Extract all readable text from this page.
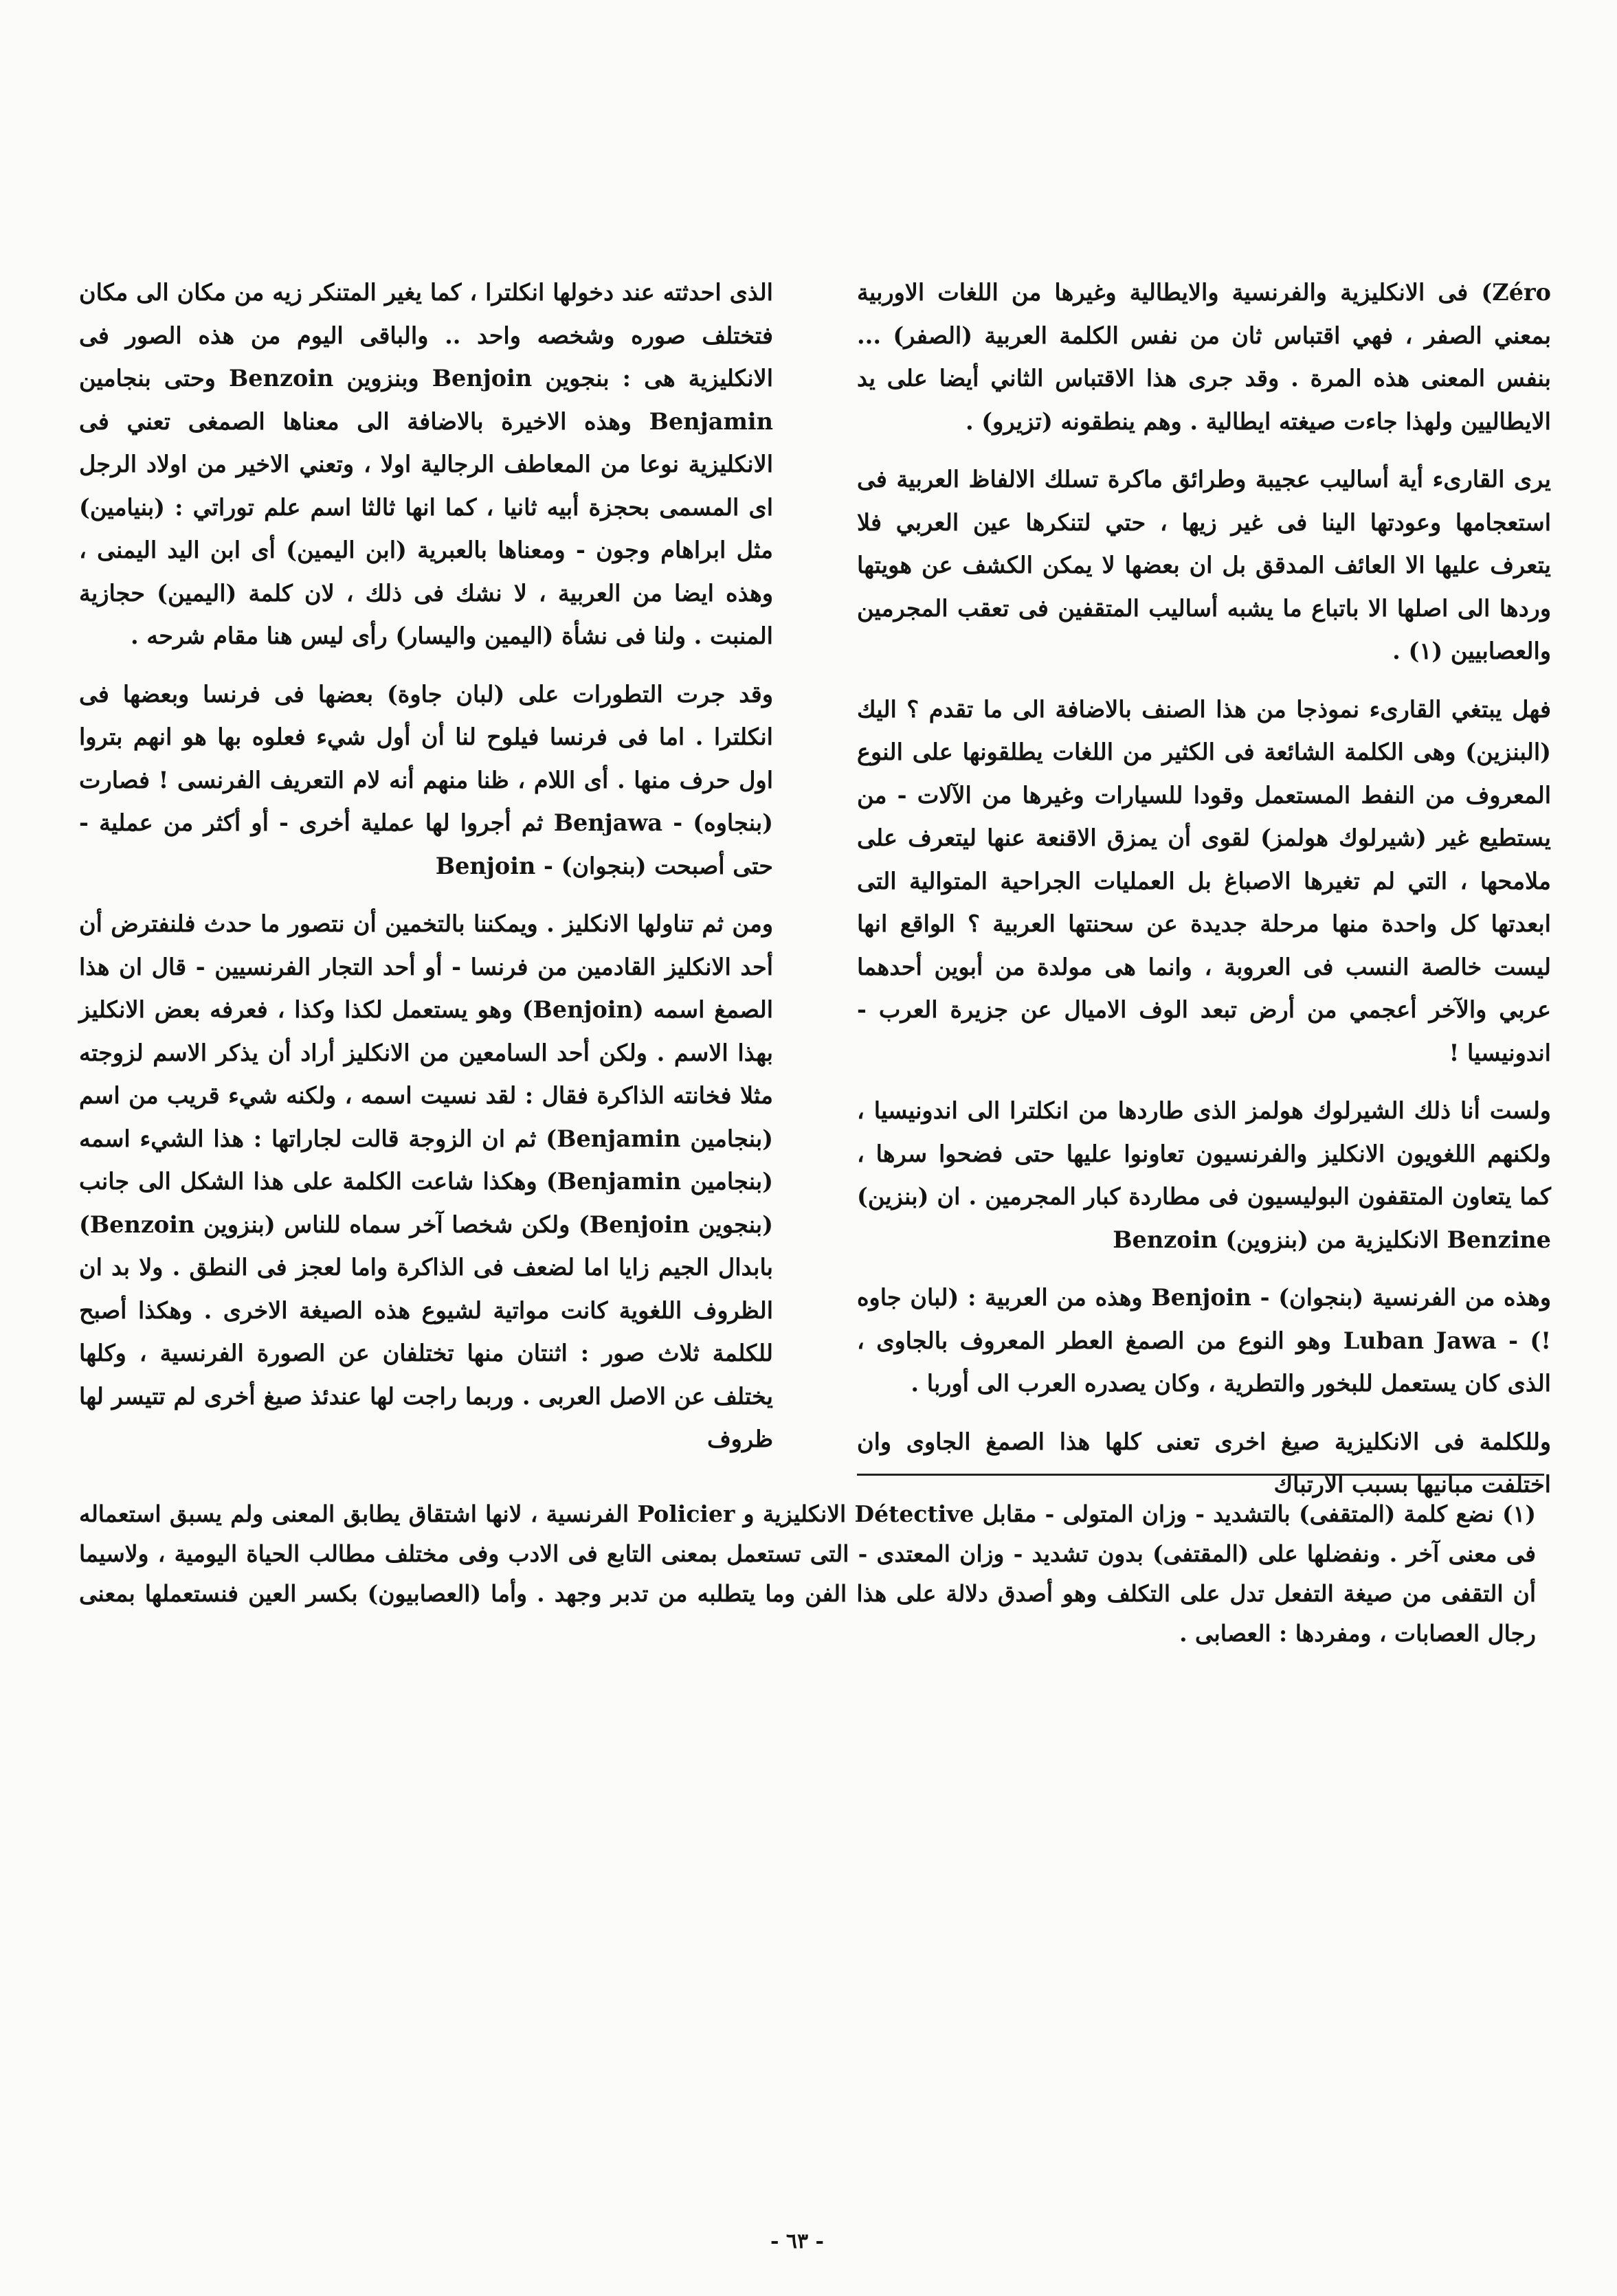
Zéro) فى الانكليزية والفرنسية والايطالية وغيرها من اللغات الاوربية بمعني الصفر ، فهي اقتباس ثان من نفس الكلمة العربية (الصفر) ... بنفس المعنى هذه المرة . وقد جرى هذا الاقتباس الثاني أيضا على يد الايطاليين ولهذا جاءت صيغته ايطالية . وهم ينطقونه (تزيرو) .

يرى القارىء أية أساليب عجيبة وطرائق ماكرة تسلك الالفاظ العربية فى استعجامها وعودتها الينا فى غير زيها ، حتي لتنكرها عين العربي فلا يتعرف عليها الا العائف المدقق بل ان بعضها لا يمكن الكشف عن هويتها وردها الى اصلها الا باتباع ما يشبه أساليب المتقفين فى تعقب المجرمين والعصابيين (١) .

فهل يبتغي القارىء نموذجا من هذا الصنف بالاضافة الى ما تقدم ؟ اليك (البنزين) وهى الكلمة الشائعة فى الكثير من اللغات يطلقونها على النوع المعروف من النفط المستعمل وقودا للسيارات وغيرها من الآلات - من يستطيع غير (شيرلوك هولمز) لقوى أن يمزق الاقنعة عنها ليتعرف على ملامحها ، التي لم تغيرها الاصباغ بل العمليات الجراحية المتوالية التى ابعدتها كل واحدة منها مرحلة جديدة عن سحنتها العربية ؟ الواقع انها ليست خالصة النسب فى العروبة ، وانما هى مولدة من أبوين أحدهما عربي والآخر أعجمي من أرض تبعد الوف الاميال عن جزيرة العرب - اندونيسيا !

ولست أنا ذلك الشيرلوك هولمز الذى طاردها من انكلترا الى اندونيسيا ، ولكنهم اللغويون الانكليز والفرنسيون تعاونوا عليها حتى فضحوا سرها ، كما يتعاون المتقفون البوليسيون فى مطاردة كبار المجرمين . ان (بنزين) Benzine الانكليزية من (بنزوين) Benzoin

وهذه من الفرنسية (بنجوان) - Benjoin وهذه من العربية : (لبان جاوه !) - Luban Jawa وهو النوع من الصمغ العطر المعروف بالجاوى ، الذى كان يستعمل للبخور والتطرية ، وكان يصدره العرب الى أوربا .

وللكلمة فى الانكليزية صيغ اخرى تعنى كلها هذا الصمغ الجاوى وان اختلفت مبانيها بسبب الارتباك

الذى احدثته عند دخولها انكلترا ، كما يغير المتنكر زيه من مكان الى مكان فتختلف صوره وشخصه واحد .. والباقى اليوم من هذه الصور فى الانكليزية هى : بنجوين Benjoin وبنزوين Benzoin وحتى بنجامين Benjamin وهذه الاخيرة بالاضافة الى معناها الصمغى تعني فى الانكليزية نوعا من المعاطف الرجالية اولا ، وتعني الاخير من اولاد الرجل اى المسمى بحجزة أبيه ثانيا ، كما انها ثالثا اسم علم توراتي : (بنيامين) مثل ابراهام وجون - ومعناها بالعبرية (ابن اليمين) أى ابن اليد اليمنى ، وهذه ايضا من العربية ، لا نشك فى ذلك ، لان كلمة (اليمين) حجازية المنبت . ولنا فى نشأة (اليمين واليسار) رأى ليس هنا مقام شرحه .

وقد جرت التطورات على (لبان جاوة) بعضها فى فرنسا وبعضها فى انكلترا . اما فى فرنسا فيلوح لنا أن أول شيء فعلوه بها هو انهم بتروا اول حرف منها . أى اللام ، ظنا منهم أنه لام التعريف الفرنسى ! فصارت (بنجاوه) - Benjawa ثم أجروا لها عملية أخرى - أو أكثر من عملية - حتى أصبحت (بنجوان) - Benjoin

ومن ثم تناولها الانكليز . ويمكننا بالتخمين أن نتصور ما حدث فلنفترض أن أحد الانكليز القادمين من فرنسا - أو أحد التجار الفرنسيين - قال ان هذا الصمغ اسمه (Benjoin) وهو يستعمل لكذا وكذا ، فعرفه بعض الانكليز بهذا الاسم . ولكن أحد السامعين من الانكليز أراد أن يذكر الاسم لزوجته مثلا فخانته الذاكرة فقال : لقد نسيت اسمه ، ولكنه شيء قريب من اسم (بنجامين Benjamin) ثم ان الزوجة قالت لجاراتها : هذا الشيء اسمه (بنجامين Benjamin) وهكذا شاعت الكلمة على هذا الشكل الى جانب (بنجوين Benjoin) ولكن شخصا آخر سماه للناس (بنزوين Benzoin) بابدال الجيم زايا اما لضعف فى الذاكرة واما لعجز فى النطق . ولا بد ان الظروف اللغوية كانت مواتية لشيوع هذه الصيغة الاخرى . وهكذا أصبح للكلمة ثلاث صور : اثنتان منها تختلفان عن الصورة الفرنسية ، وكلها يختلف عن الاصل العربى . وربما راجت لها عندئذ صيغ أخرى لم تتيسر لها ظروف

(١) نضع كلمة (المتقفى) بالتشديد - وزان المتولى - مقابل Détective الانكليزية و Policier الفرنسية ، لانها اشتقاق يطابق المعنى ولم يسبق استعماله فى معنى آخر . ونفضلها على (المقتفى) بدون تشديد - وزان المعتدى - التى تستعمل بمعنى التابع فى الادب وفى مختلف مطالب الحياة اليومية ، ولاسيما أن التقفى من صيغة التفعل تدل على التكلف وهو أصدق دلالة على هذا الفن وما يتطلبه من تدبر وجهد . وأما (العصابيون) بكسر العين فنستعملها بمعنى رجال العصابات ، ومفردها : العصابى .

- ٦٣ -
